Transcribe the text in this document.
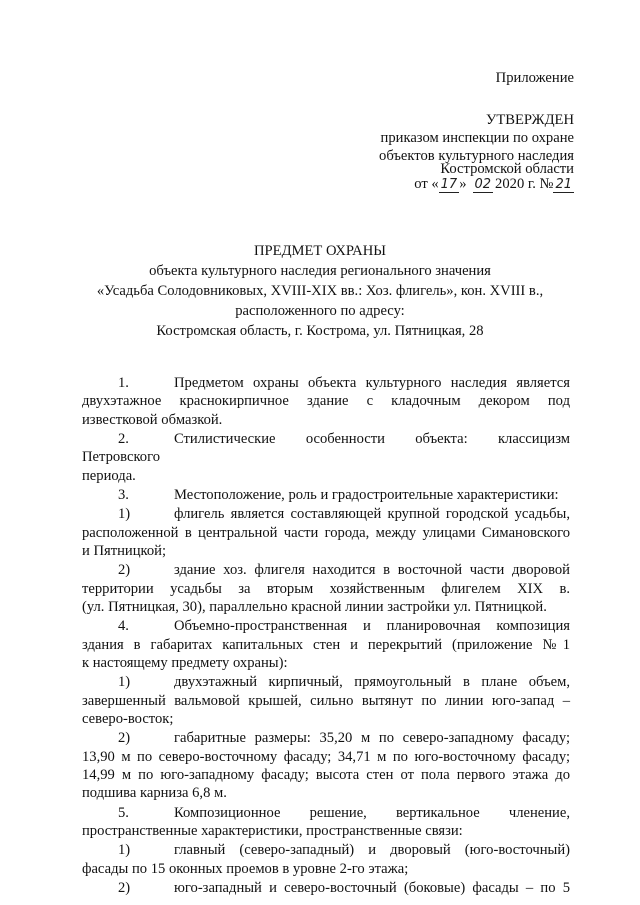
Приложение
УТВЕРЖДЕН
приказом инспекции по охране
объектов культурного наследия
Костромской области
от « 17 » 02 2020 г. № 21
ПРЕДМЕТ ОХРАНЫ
объекта культурного наследия регионального значения
«Усадьба Солодовниковых, XVIII-XIX вв.: Хоз. флигель», кон. XVIII в.,
расположенного по адресу:
Костромская область, г. Кострома, ул. Пятницкая, 28
1.	Предметом охраны объекта культурного наследия является
двухэтажное краснокирпичное здание с кладочным декором под
известковой обмазкой.
2.	Стилистические особенности объекта: классицизм Петровского
периода.
3.	Местоположение, роль и градостроительные характеристики:
1)	флигель является составляющей крупной городской усадьбы,
расположенной в центральной части города, между улицами Симановского
и Пятницкой;
2)	здание хоз. флигеля находится в восточной части дворовой
территории усадьбы за вторым хозяйственным флигелем XIX в.
(ул. Пятницкая, 30), параллельно красной линии застройки ул. Пятницкой.
4.	Объемно-пространственная и планировочная композиция
здания в габаритах капитальных стен и перекрытий (приложение №1
к настоящему предмету охраны):
1)	двухэтажный кирпичный, прямоугольный в плане объем,
завершенный вальмовой крышей, сильно вытянут по линии юго-запад –
северо-восток;
2)	габаритные размеры: 35,20 м по северо-западному фасаду;
13,90 м по северо-восточному фасаду; 34,71 м по юго-восточному фасаду;
14,99 м по юго-западному фасаду; высота стен от пола первого этажа до
подшива карниза 6,8 м.
5.	Композиционное решение, вертикальное членение,
пространственные характеристики, пространственные связи:
1)	главный (северо-западный) и дворовый (юго-восточный)
фасады по 15 оконных проемов в уровне 2-го этажа;
2)	юго-западный и северо-восточный (боковые) фасады – по 5
